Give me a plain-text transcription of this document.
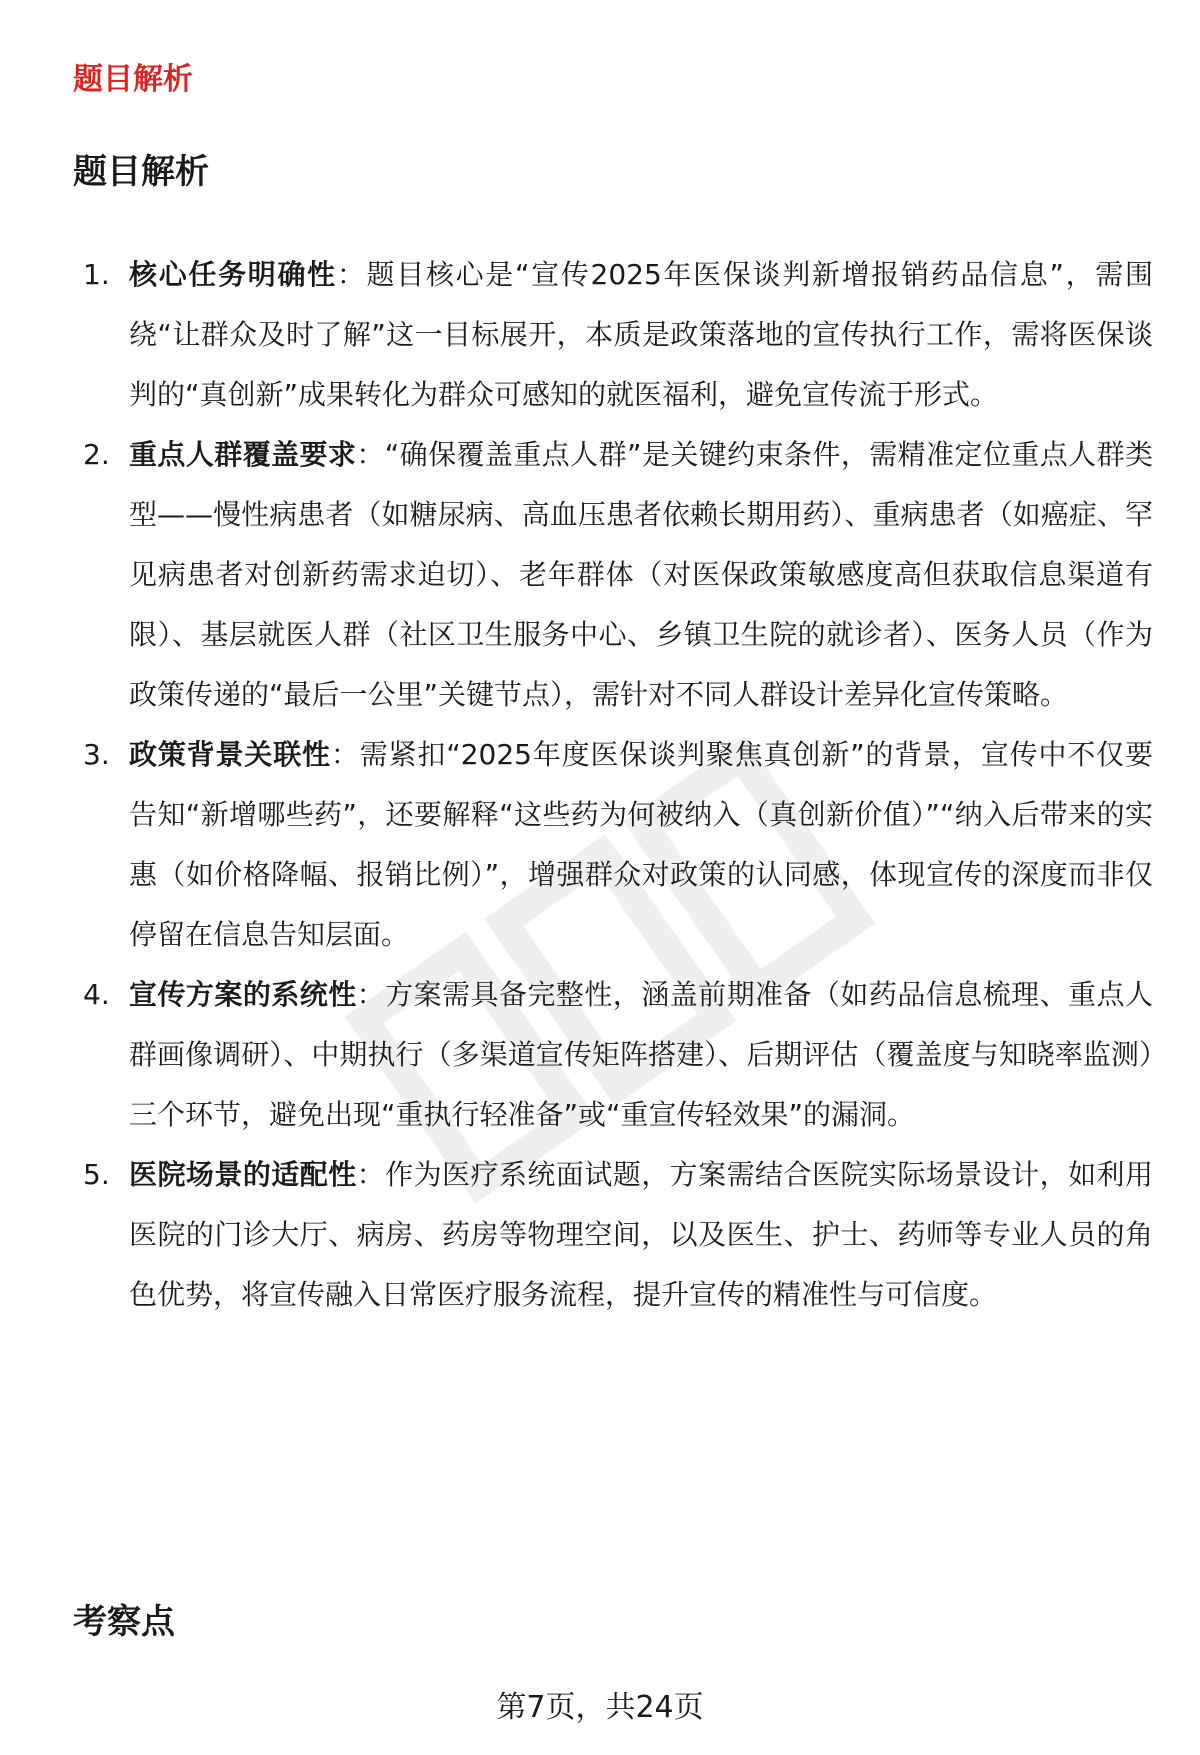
题目解析
题目解析
1. 核心任务明确性：题目核心是“宣传2025年医保谈判新增报销药品信息”，需围绕“让群众及时了解”这一目标展开，本质是政策落地的宣传执行工作，需将医保谈判的“真创新”成果转化为群众可感知的就医福利，避免宣传流于形式。
2. 重点人群覆盖要求：“确保覆盖重点人群”是关键约束条件，需精准定位重点人群类型——慢性病患者（如糖尿病、高血压患者依赖长期用药）、重病患者（如癌症、罕见病患者对创新药需求迫切）、老年群体（对医保政策敏感度高但获取信息渠道有限）、基层就医人群（社区卫生服务中心、乡镇卫生院的就诊者）、医务人员（作为政策传递的“最后一公里”关键节点），需针对不同人群设计差异化宣传策略。
3. 政策背景关联性：需紧扣“2025年度医保谈判聚焦真创新”的背景，宣传中不仅要告知“新增哪些药”，还要解释“这些药为何被纳入（真创新价值）”“纳入后带来的实惠（如价格降幅、报销比例）”，增强群众对政策的认同感，体现宣传的深度而非仅停留在信息告知层面。
4. 宣传方案的系统性：方案需具备完整性，涵盖前期准备（如药品信息梳理、重点人群画像调研）、中期执行（多渠道宣传矩阵搭建）、后期评估（覆盖度与知晓率监测）三个环节，避免出现“重执行轻准备”或“重宣传轻效果”的漏洞。
5. 医院场景的适配性：作为医疗系统面试题，方案需结合医院实际场景设计，如利用医院的门诊大厅、病房、药房等物理空间，以及医生、护士、药师等专业人员的角色优势，将宣传融入日常医疗服务流程，提升宣传的精准性与可信度。
考察点
第7页，共24页
